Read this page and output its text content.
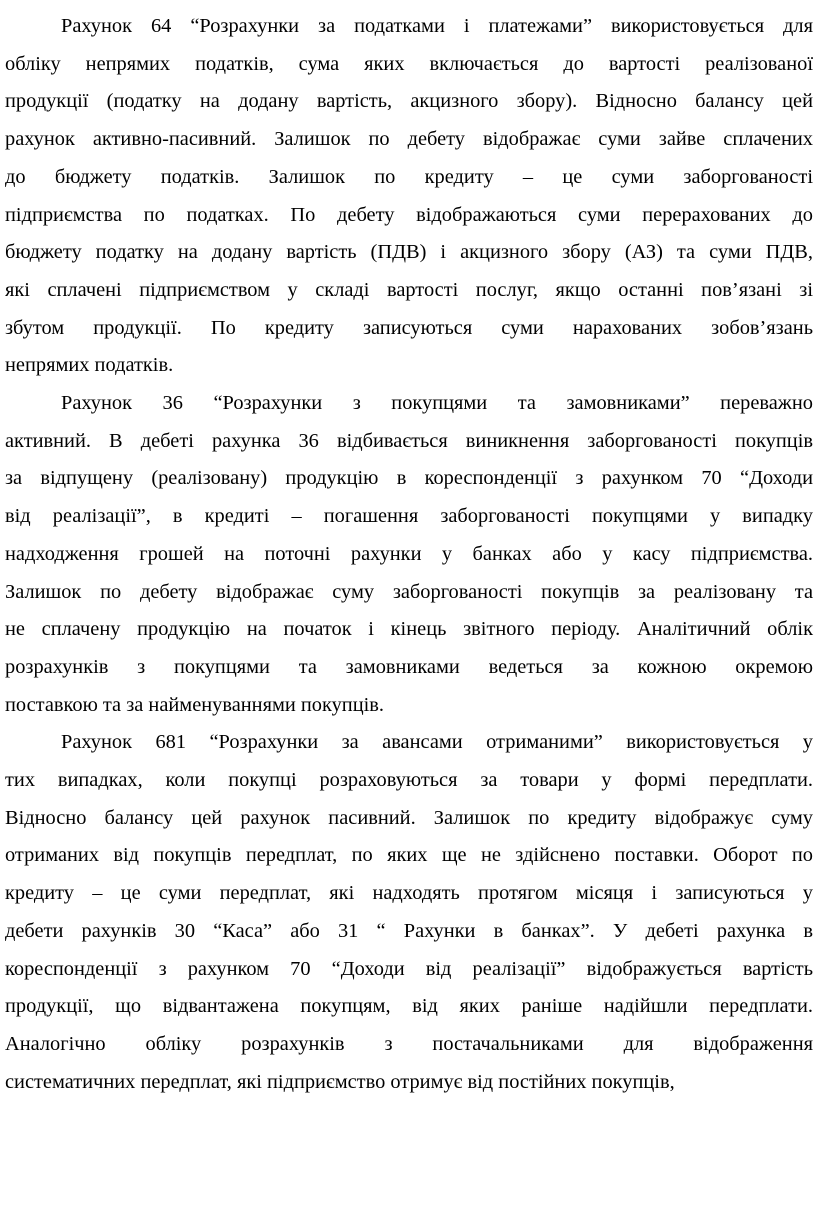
Рахунок 64 “Розрахунки за податками і платежами” використовується для
обліку непрямих податків, сума яких включається до вартості реалізованої
продукції (податку на додану вартість, акцизного збору). Відносно балансу цей
рахунок активно-пасивний. Залишок по дебету відображає суми зайве сплачених
до бюджету податків. Залишок по кредиту – це суми заборгованості
підприємства по податках. По дебету відображаються суми перерахованих до
бюджету податку на додану вартість (ПДВ) і акцизного збору (АЗ) та суми ПДВ,
які сплачені підприємством у складі вартості послуг, якщо останні пов’язані зі
збутом продукції. По кредиту записуються суми нарахованих зобов’язань
непрямих податків.
Рахунок 36 “Розрахунки з покупцями та замовниками” переважно
активний. В дебеті рахунка 36 відбивається виникнення заборгованості покупців
за відпущену (реалізовану) продукцію в кореспонденції з рахунком 70 “Доходи
від реалізації”, в кредиті – погашення заборгованості покупцями у випадку
надходження грошей на поточні рахунки у банках або у касу підприємства.
Залишок по дебету відображає суму заборгованості покупців за реалізовану та
не сплачену продукцію на початок і кінець звітного періоду. Аналітичний облік
розрахунків з покупцями та замовниками ведеться за кожною окремою
поставкою та за найменуваннями покупців.
Рахунок 681 “Розрахунки за авансами отриманими” використовується у
тих випадках, коли покупці розраховуються за товари у формі передплати.
Відносно балансу цей рахунок пасивний. Залишок по кредиту відображує суму
отриманих від покупців передплат, по яких ще не здійснено поставки. Оборот по
кредиту – це суми передплат, які надходять протягом місяця і записуються у
дебети рахунків 30 “Каса” або 31 “ Рахунки в банках”. У дебеті рахунка в
кореспонденції з рахунком 70 “Доходи від реалізації” відображується вартість
продукції, що відвантажена покупцям, від яких раніше надійшли передплати.
Аналогічно обліку розрахунків з постачальниками для відображення
систематичних передплат, які підприємство отримує від постійних покупців,
